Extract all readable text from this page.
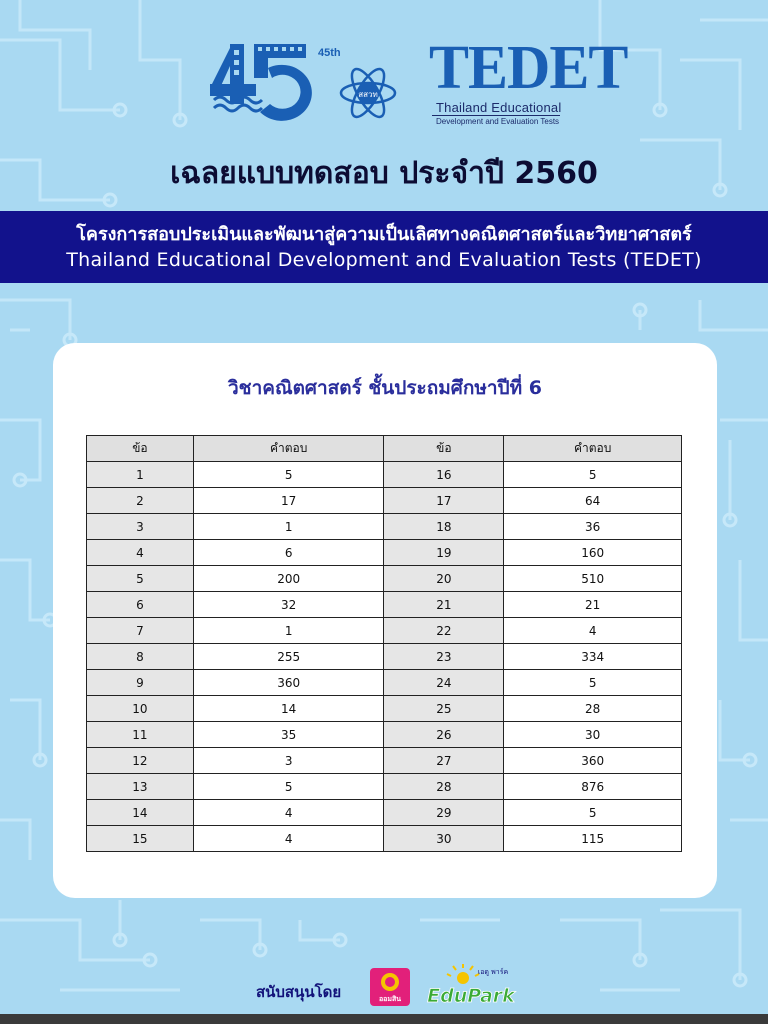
45th
สสวท TEDET
Thailand Educational
Development and Evaluation Tests
เฉลยแบบทดสอบ ประจำปี 2560
โครงการสอบประเมินและพัฒนาสู่ความเป็นเลิศทางคณิตศาสตร์และวิทยาศาสตร์
Thailand Educational Development and Evaluation Tests (TEDET)
วิชาคณิตศาสตร์ ชั้นประถมศึกษาปีที่ 6
ข้อ	คำตอบ	ข้อ	คำตอบ
1	5	16	5
2	17	17	64
3	1	18	36
4	6	19	160
5	200	20	510
6	32	21	21
7	1	22	4
8	255	23	334
9	360	24	5
10	14	25	28
11	35	26	30
12	3	27	360
13	5	28	876
14	4	29	5
15	4	30	115
สนับสนุนโดย	ออมสิน
เอดู พาร์ค
EduPark
